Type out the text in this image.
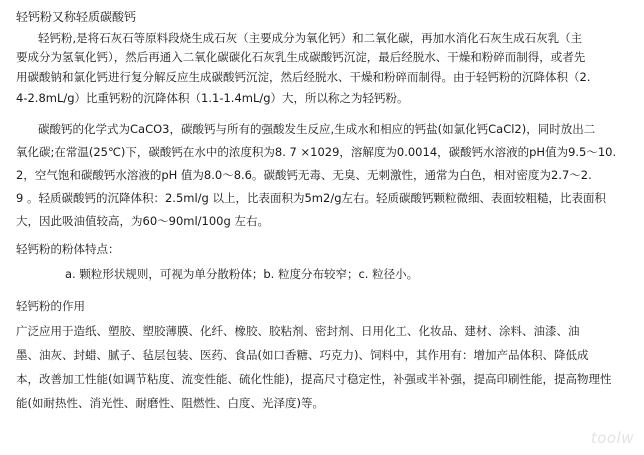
轻钙粉又称轻质碳酸钙
轻钙粉,是将石灰石等原料段烧生成石灰（主要成分为氧化钙）和二氧化碳，再加水消化石灰生成石灰乳（主
要成分为氢氧化钙），然后再通入二氧化碳碳化石灰乳生成碳酸钙沉淀，最后经脱水、干燥和粉碎而制得，或者先
用碳酸钠和氯化钙进行复分解反应生成碳酸钙沉淀，然后经脱水、干燥和粉碎而制得。由于轻钙粉的沉降体积（2.
4-2.8mL/g）比重钙粉的沉降体积（1.1-1.4mL/g）大，所以称之为轻钙粉。
碳酸钙的化学式为CaCO3，碳酸钙与所有的强酸发生反应,生成水和相应的钙盐(如氯化钙CaCl2)，同时放出二
氧化碳;在常温(25℃)下，碳酸钙在水中的浓度积为8. 7 ×1029，溶解度为0.0014，碳酸钙水溶液的pH值为9.5～10.
2，空气饱和碳酸钙水溶液的pH 值为8.0～8.6。碳酸钙无毒、无臭、无刺激性，通常为白色，相对密度为2.7～2.
9 。轻质碳酸钙的沉降体积：2.5ml/g 以上，比表面积为5m2/g左右。轻质碳酸钙颗粒微细、表面较粗糙，比表面积
大，因此吸油值较高，为60～90ml/100g 左右。
轻钙粉的粉体特点：
a. 颗粒形状规则，可视为单分散粉体；b. 粒度分布较窄；c. 粒径小。
轻钙粉的作用
广泛应用于造纸、塑胶、塑胶薄膜、化纤、橡胶、胶粘剂、密封剂、日用化工、化妆品、建材、涂料、油漆、油
墨、油灰、封蜡、腻子、毡层包装、医药、食品(如口香糖、巧克力)、饲料中，其作用有：增加产品体积、降低成
本，改善加工性能(如调节粘度、流变性能、硫化性能)，提高尺寸稳定性，补强或半补强，提高印刷性能，提高物理性
能(如耐热性、消光性、耐磨性、阻燃性、白度、光泽度)等。
toolw
